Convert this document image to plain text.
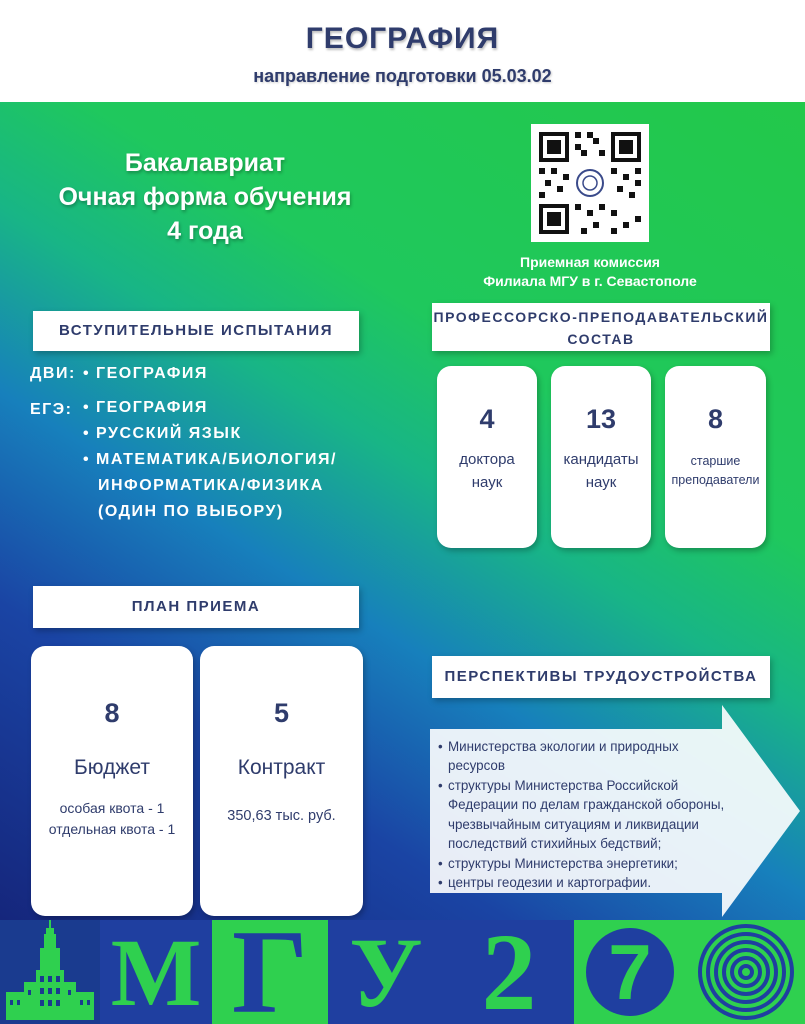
ГЕОГРАФИЯ
направление подготовки 05.03.02
Бакалавриат
Очная форма обучения
4 года
Приемная комиссия
Филиала МГУ в г. Севастополе
ВСТУПИТЕЛЬНЫЕ ИСПЫТАНИЯ
ДВИ: • ГЕОГРАФИЯ
ЕГЭ: • ГЕОГРАФИЯ
• РУССКИЙ ЯЗЫК
• МАТЕМАТИКА/БИОЛОГИЯ/
ИНФОРМАТИКА/ФИЗИКА
(ОДИН ПО ВЫБОРУ)
ПРОФЕССОРСКО-ПРЕПОДАВАТЕЛЬСКИЙ
СОСТАВ
4
доктора
наук
13
кандидаты
наук
8
старшие
преподаватели
ПЛАН ПРИЕМА
8
Бюджет
особая квота - 1
отдельная квота - 1
5
Контракт
350,63 тыс. руб.
ПЕРСПЕКТИВЫ ТРУДОУСТРОЙСТВА
• Министерства экологии и природных ресурсов
• структуры Министерства Российской Федерации по делам гражданской обороны, чрезвычайным ситуациям и ликвидации последствий стихийных бедствий;
• структуры Министерства энергетики;
• центры геодезии и картографии.
М Г У 2 7
